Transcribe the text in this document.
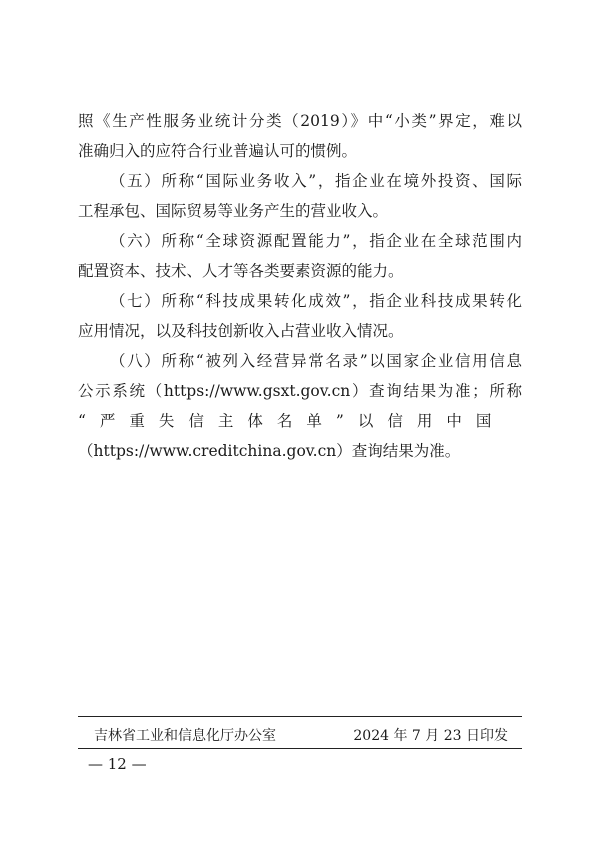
照《生产性服务业统计分类（2019）》中“小类”界定，难以
准确归入的应符合行业普遍认可的惯例。
（五）所称“国际业务收入”，指企业在境外投资、国际
工程承包、国际贸易等业务产生的营业收入。
（六）所称“全球资源配置能力”，指企业在全球范围内
配置资本、技术、人才等各类要素资源的能力。
（七）所称“科技成果转化成效”，指企业科技成果转化
应用情况，以及科技创新收入占营业收入情况。
（八）所称“被列入经营异常名录”以国家企业信用信息
公示系统（https://www.gsxt.gov.cn）查询结果为准；所称
“严重失信主体名单”以信用中国
（https://www.creditchina.gov.cn）查询结果为准。
吉林省工业和信息化厅办公室	2024 年 7 月 23 日印发
— 12 —
